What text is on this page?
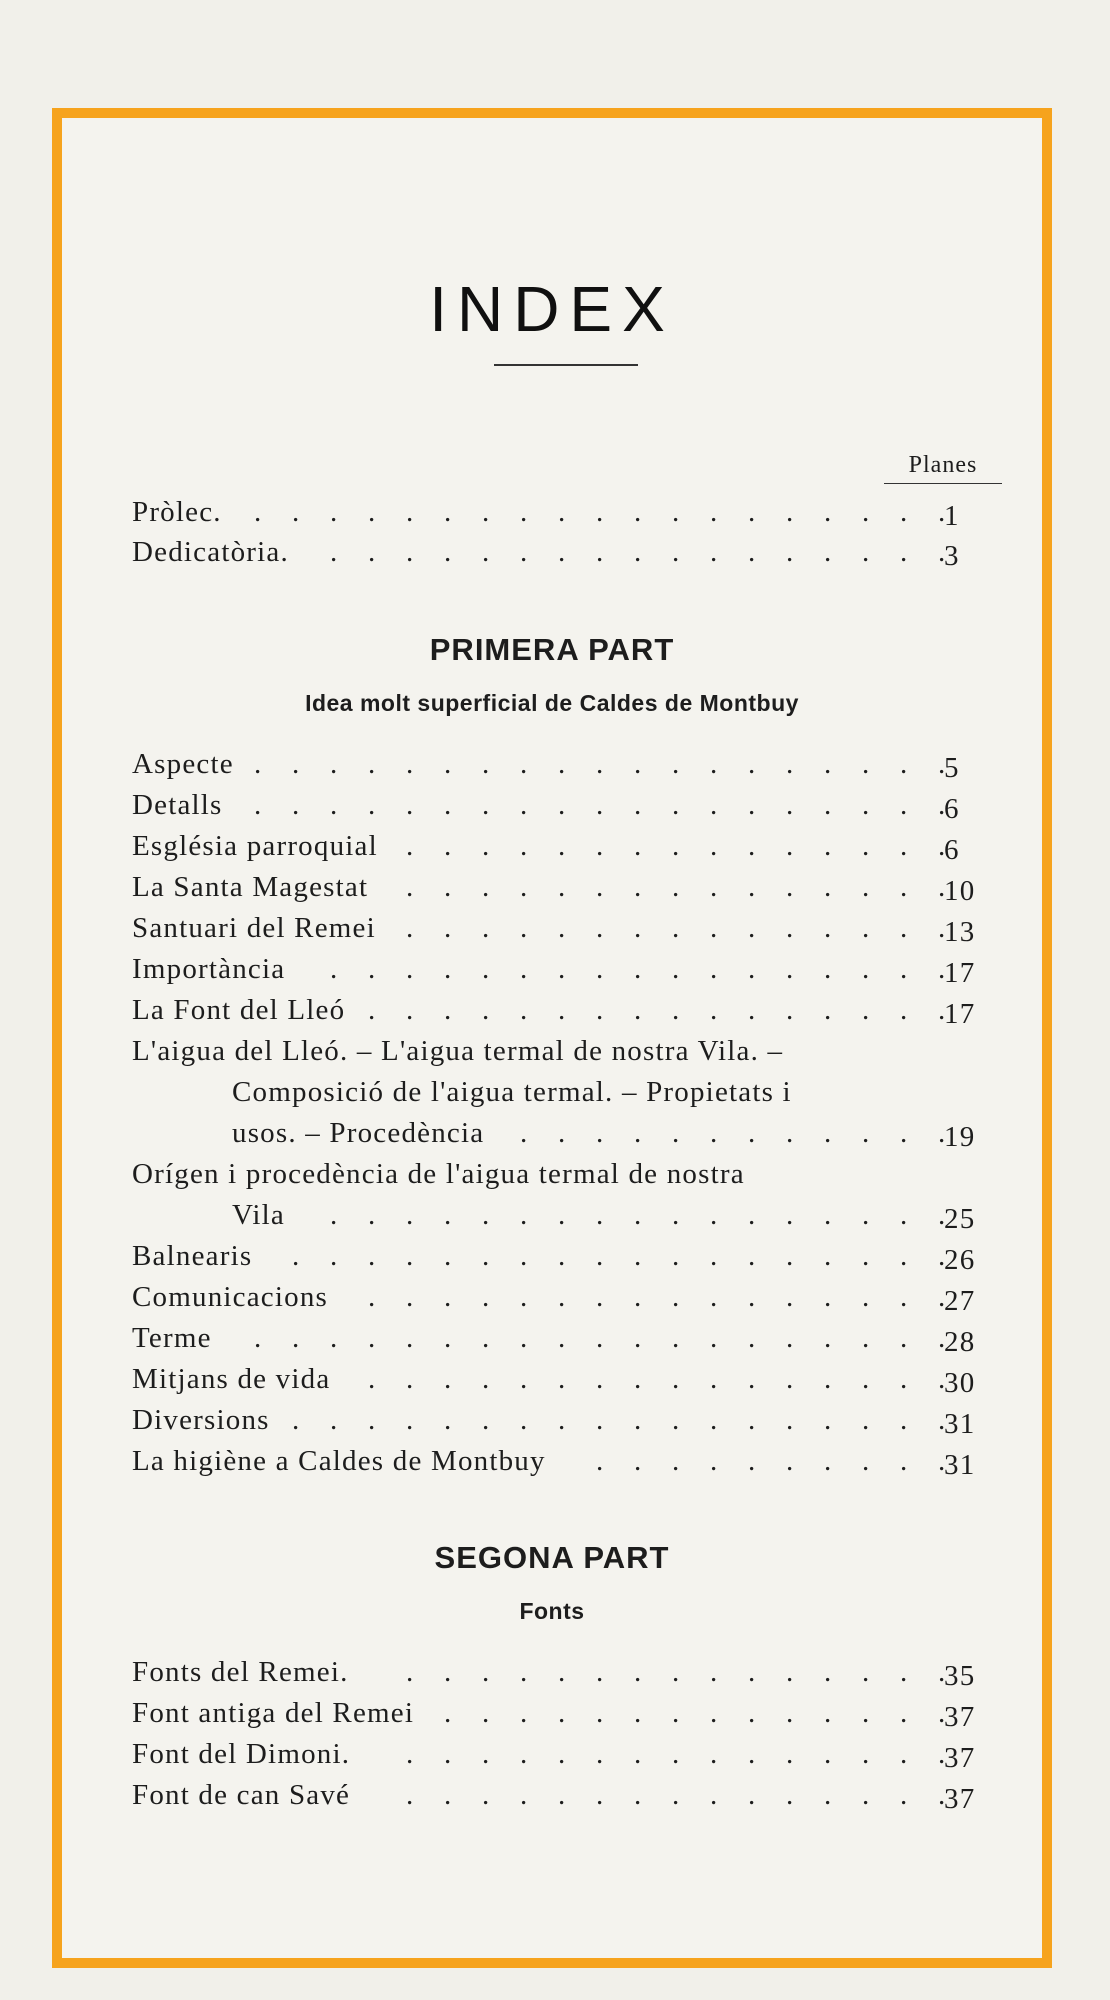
INDEX
Planes
Pròlec.	1
.
.
.
.
.
.
.
.
.
.
.
.
.
.
.
.
.
.
.
Dedicatòria.	3
.
.
.
.
.
.
.
.
.
.
.
.
.
.
.
.
.
PRIMERA PART
Idea molt superficial de Caldes de Montbuy
Aspecte	5
.
.
.
.
.
.
.
.
.
.
.
.
.
.
.
.
.
.
.
Detalls	6
.
.
.
.
.
.
.
.
.
.
.
.
.
.
.
.
.
.
.
Església parroquial	6
.
.
.
.
.
.
.
.
.
.
.
.
.
.
.
La Santa Magestat	10
.
.
.
.
.
.
.
.
.
.
.
.
.
.
.
Santuari del Remei	13
.
.
.
.
.
.
.
.
.
.
.
.
.
.
.
Importància	17
.
.
.
.
.
.
.
.
.
.
.
.
.
.
.
.
.
La Font del Lleó	17
.
.
.
.
.
.
.
.
.
.
.
.
.
.
.
.
L'aigua del Lleó. – L'aigua termal de nostra Vila. –
Composició de l'aigua termal. – Propietats i
usos. – Procedència	19
.
.
.
.
.
.
.
.
.
.
.
.
Orígen i procedència de l'aigua termal de nostra
Vila	25
.
.
.
.
.
.
.
.
.
.
.
.
.
.
.
.
.
Balnearis	26
.
.
.
.
.
.
.
.
.
.
.
.
.
.
.
.
.
.
Comunicacions	27
.
.
.
.
.
.
.
.
.
.
.
.
.
.
.
.
Terme	28
.
.
.
.
.
.
.
.
.
.
.
.
.
.
.
.
.
.
.
Mitjans de vida	30
.
.
.
.
.
.
.
.
.
.
.
.
.
.
.
.
Diversions	31
.
.
.
.
.
.
.
.
.
.
.
.
.
.
.
.
.
.
La higiène a Caldes de Montbuy	31
.
.
.
.
.
.
.
.
.
.
SEGONA PART
Fonts
Fonts del Remei.	35
.
.
.
.
.
.
.
.
.
.
.
.
.
.
.
Font antiga del Remei	37
.
.
.
.
.
.
.
.
.
.
.
.
.
.
Font del Dimoni.	37
.
.
.
.
.
.
.
.
.
.
.
.
.
.
.
Font de can Savé	37
.
.
.
.
.
.
.
.
.
.
.
.
.
.
.
